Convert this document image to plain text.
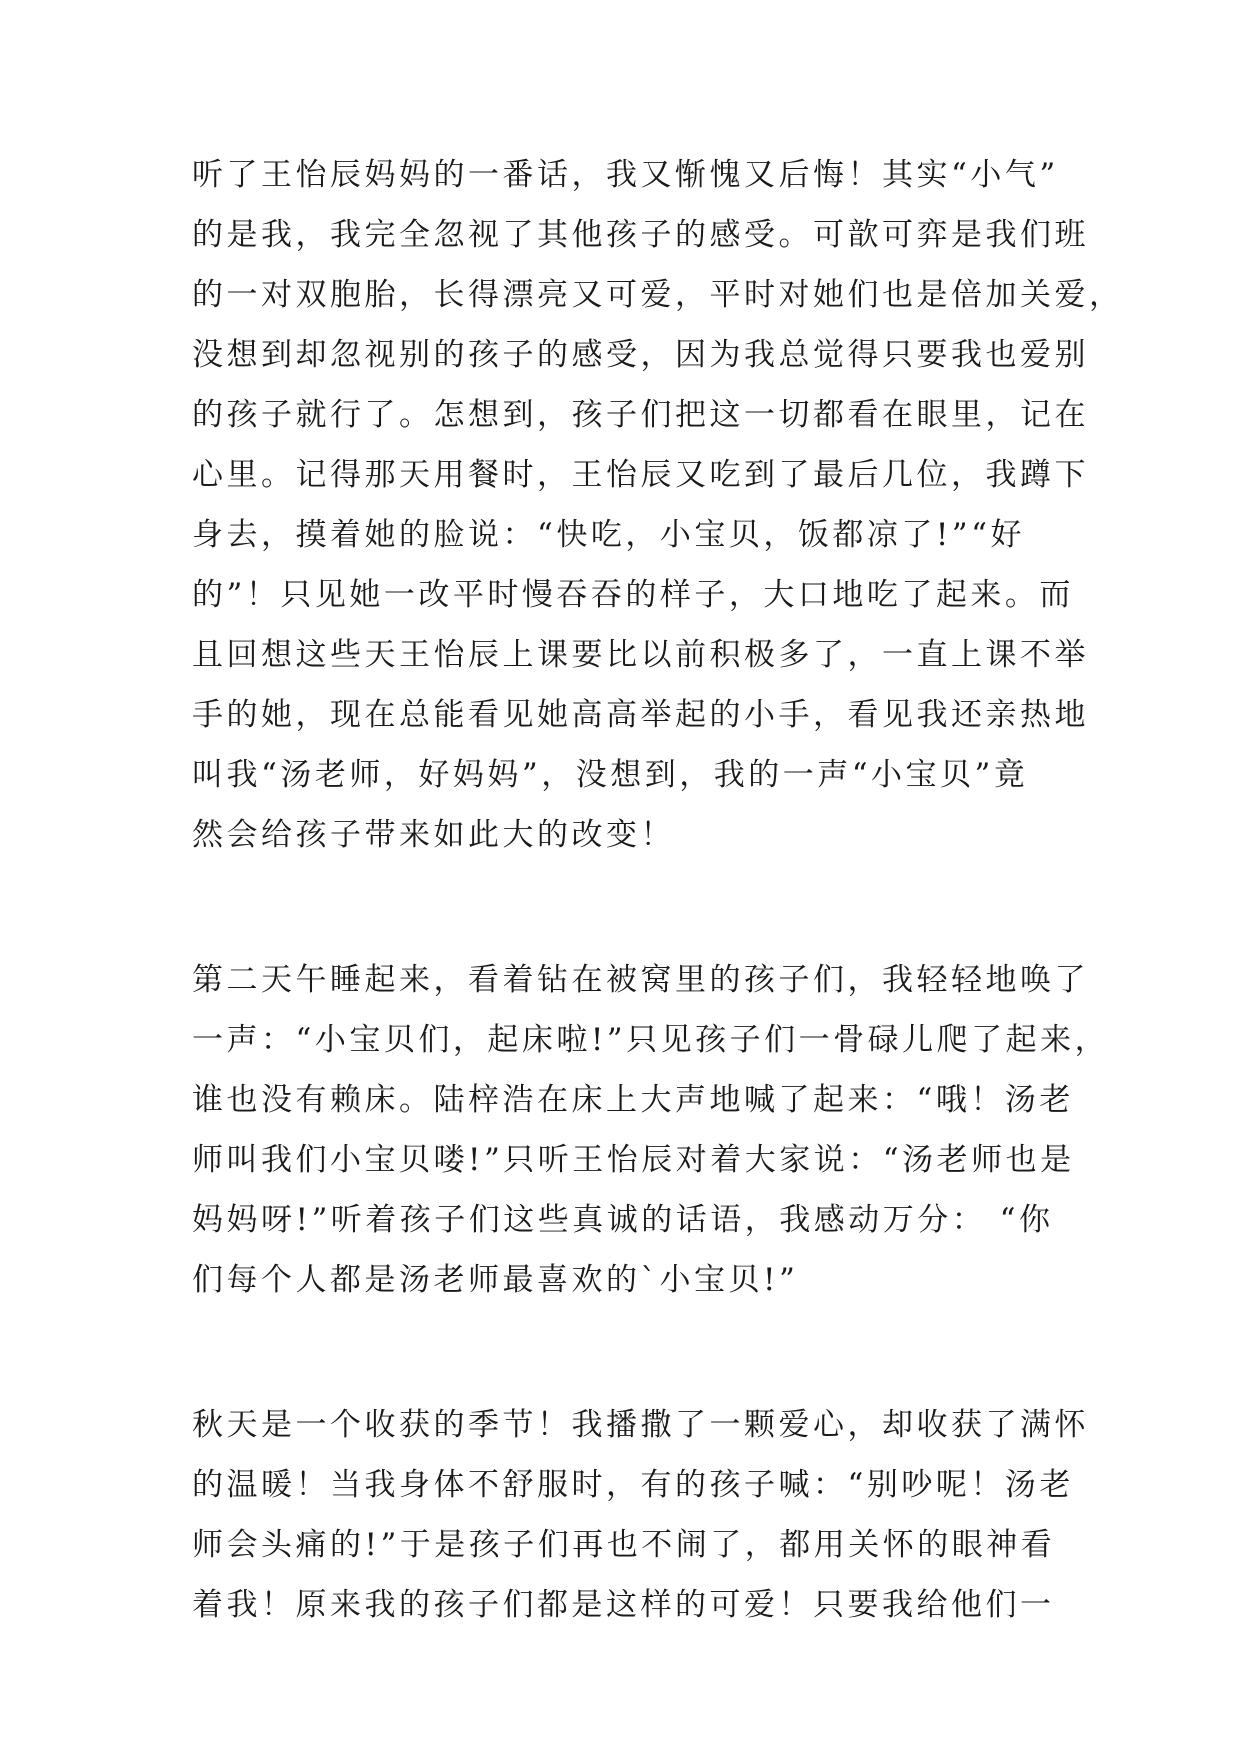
听了王怡辰妈妈的一番话，我又惭愧又后悔！其实“小气”
的是我，我完全忽视了其他孩子的感受。可歆可弈是我们班
的一对双胞胎，长得漂亮又可爱，平时对她们也是倍加关爱，
没想到却忽视别的孩子的感受，因为我总觉得只要我也爱别
的孩子就行了。怎想到，孩子们把这一切都看在眼里，记在
心里。记得那天用餐时，王怡辰又吃到了最后几位，我蹲下
身去，摸着她的脸说：“快吃，小宝贝，饭都凉了!”“好
的”！只见她一改平时慢吞吞的样子，大口地吃了起来。而
且回想这些天王怡辰上课要比以前积极多了，一直上课不举
手的她，现在总能看见她高高举起的小手，看见我还亲热地
叫我“汤老师，好妈妈”，没想到，我的一声“小宝贝”竟
然会给孩子带来如此大的改变！
第二天午睡起来，看着钻在被窝里的孩子们，我轻轻地唤了
一声：“小宝贝们，起床啦!”只见孩子们一骨碌儿爬了起来，
谁也没有赖床。陆梓浩在床上大声地喊了起来：“哦！汤老
师叫我们小宝贝喽!”只听王怡辰对着大家说：“汤老师也是
妈妈呀!”听着孩子们这些真诚的话语，我感动万分： “你
们每个人都是汤老师最喜欢的`小宝贝!”
秋天是一个收获的季节！我播撒了一颗爱心，却收获了满怀
的温暖！当我身体不舒服时，有的孩子喊：“别吵呢！汤老
师会头痛的!”于是孩子们再也不闹了，都用关怀的眼神看
着我！原来我的孩子们都是这样的可爱！只要我给他们一
